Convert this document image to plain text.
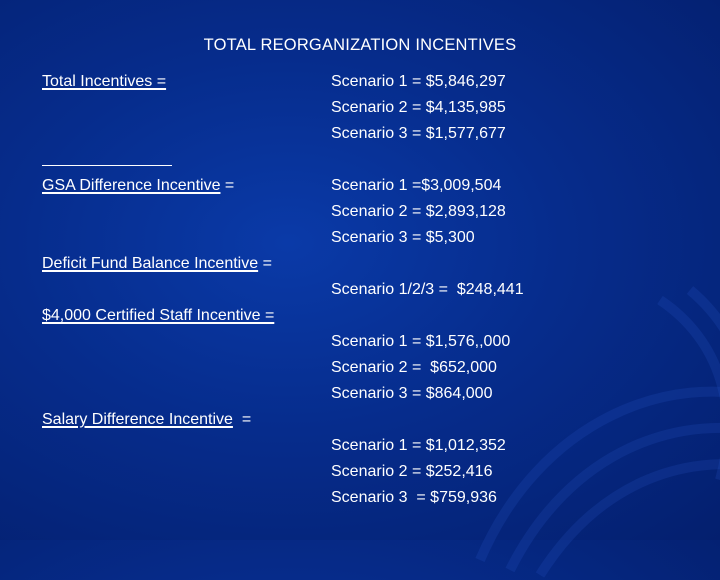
TOTAL REORGANIZATION INCENTIVES
Total Incentives =	Scenario 1 = $5,846,297
Scenario 2 = $4,135,985
Scenario 3 = $1,577,677
GSA Difference Incentive =	Scenario 1 =$3,009,504
Scenario 2 = $2,893,128
Scenario 3 = $5,300
Deficit Fund Balance Incentive =
Scenario 1/2/3 =  $248,441
$4,000 Certified Staff Incentive =
Scenario 1 = $1,576,,000
Scenario 2 =  $652,000
Scenario 3 = $864,000
Salary Difference Incentive  =
Scenario 1 = $1,012,352
Scenario 2 = $252,416
Scenario 3  = $759,936
